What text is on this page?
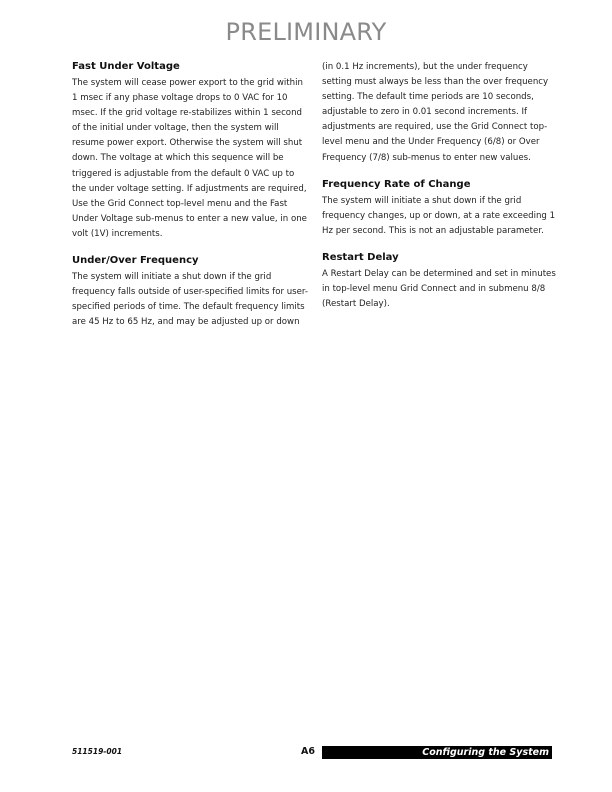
PRELIMINARY
Fast Under Voltage

The system will cease power export to the grid within 1 msec if any phase voltage drops to 0 VAC for 10 msec. If the grid voltage re-stabilizes within 1 second of the initial under voltage, then the system will resume power export. Otherwise the system will shut down. The voltage at which this sequence will be triggered is adjustable from the default 0 VAC up to the under voltage setting. If adjustments are required, Use the Grid Connect top-level menu and the Fast Under Voltage sub-menus to enter a new value, in one volt (1V) increments.

Under/Over Frequency

The system will initiate a shut down if the grid frequency falls outside of user-specified limits for user-specified periods of time. The default frequency limits are 45 Hz to 65 Hz, and may be adjusted up or down

(in 0.1 Hz increments), but the under frequency setting must always be less than the over frequency setting. The default time periods are 10 seconds, adjustable to zero in 0.01 second increments. If adjustments are required, use the Grid Connect top-level menu and the Under Frequency (6/8) or Over Frequency (7/8) sub-menus to enter new values.

Frequency Rate of Change

The system will initiate a shut down if the grid frequency changes, up or down, at a rate exceeding 1 Hz per second. This is not an adjustable parameter.

Restart Delay

A Restart Delay can be determined and set in minutes in top-level menu Grid Connect and in submenu 8/8 (Restart Delay).

511519-001	A6	Configuring the System
